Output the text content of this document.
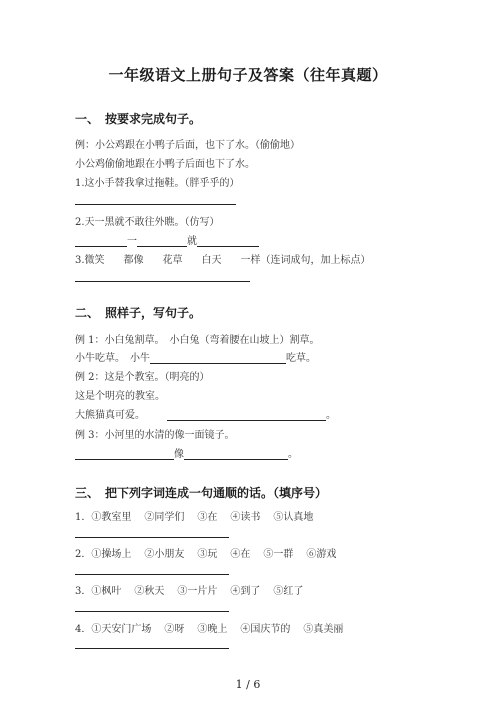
一年级语文上册句子及答案（往年真题）
一、 按要求完成句子。
例：小公鸡跟在小鸭子后面，也下了水。（偷偷地）
小公鸡偷偷地跟在小鸭子后面也下了水。
1.这小手替我拿过拖鞋。（胖乎乎的）
2.天一黑就不敢往外瞧。（仿写）
一	就
3.微笑 都像 花草 白天 一样（连词成句，加上标点）
二、 照样子，写句子。
例 1：小白兔割草。　小白兔（弯着腰在山坡上）割草。
小牛吃草。　小牛	吃草。
例 2：这是个教室。（明亮的）
这是个明亮的教室。
大熊猫真可爱。	。
例 3：小河里的水清的像一面镜子。
像	。
三、 把下列字词连成一句通顺的话。（填序号）
1．①教室里 ②同学们 ③在 ④读书 ⑤认真地
2．①操场上 ②小朋友 ③玩 ④在 ⑤一群 ⑥游戏
3．①枫叶 ②秋天 ③一片片 ④到了 ⑤红了
4．①天安门广场 ②呀 ③晚上 ④国庆节的 ⑤真美丽
1 / 6
